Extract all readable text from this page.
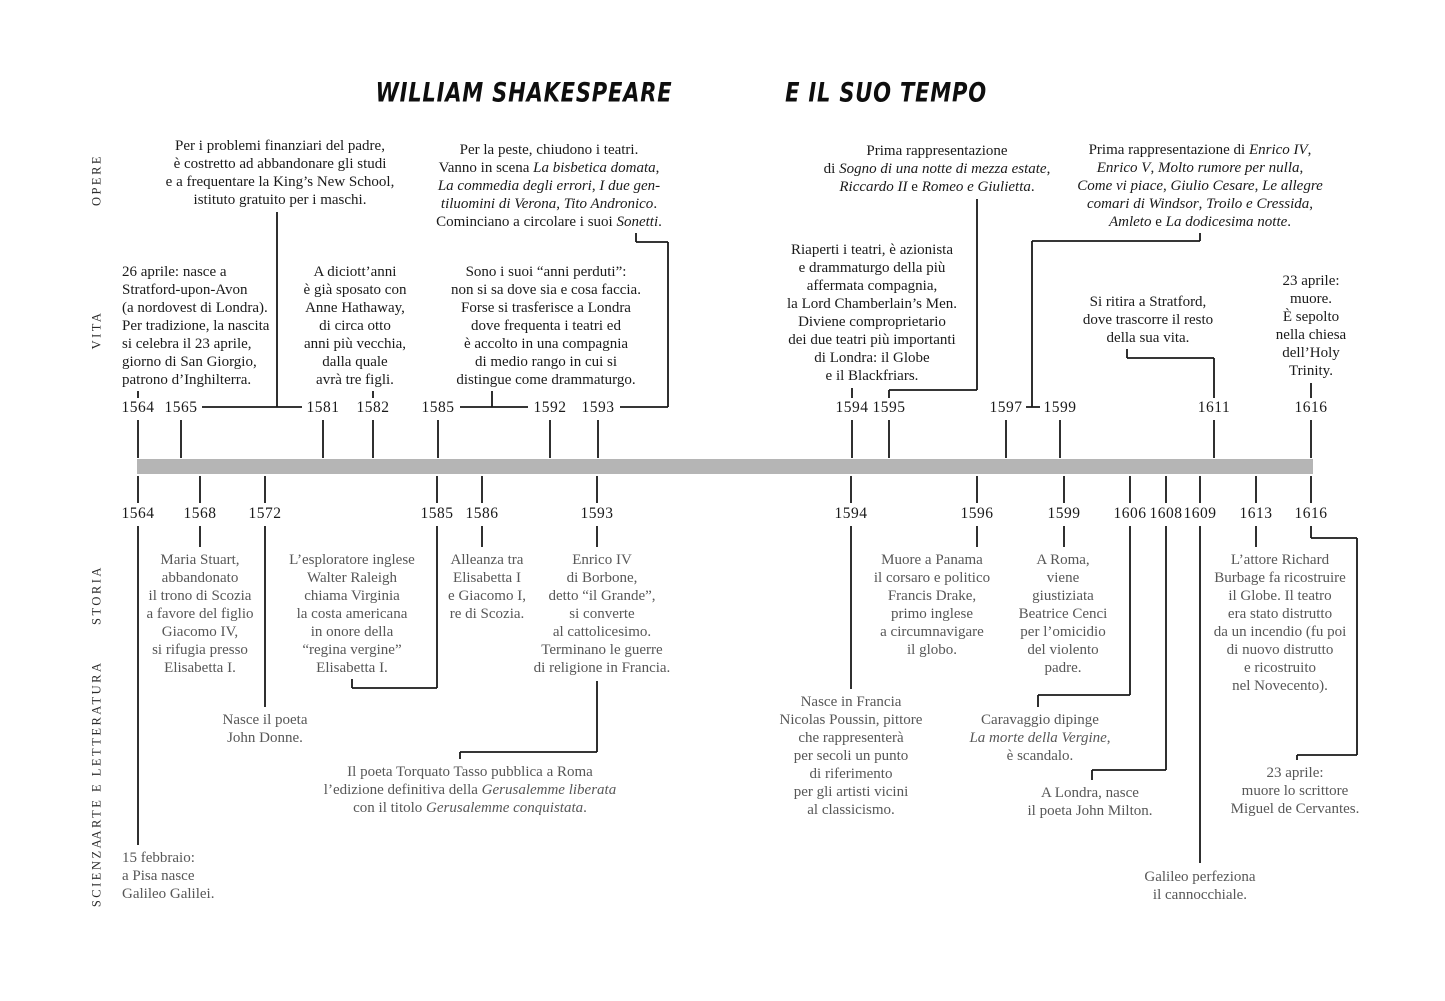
WILLIAM SHAKESPEARE	E IL SUO TEMPO
OPERE
VITA
STORIA
ARTE E LETTERATURA
SCIENZA
1564 1565	1581 1582 1585	1592 1593	1594 1595	1597 1599	1611	1616
1564 1568 1572	1585 1586	1593	1594	1596	1599 1606 1608 1609 1613 1616
Per i problemi finanziari del padre,
è costretto ad abbandonare gli studi
e a frequentare la King’s New School,
istituto gratuito per i maschi.
Per la peste, chiudono i teatri.
Vanno in scena La bisbetica domata,
La commedia degli errori, I due gen-
tiluomini di Verona, Tito Andronico.
Cominciano a circolare i suoi Sonetti.
Prima rappresentazione
di Sogno di una notte di mezza estate,
Riccardo II e Romeo e Giulietta.
Prima rappresentazione di Enrico IV,
Enrico V, Molto rumore per nulla,
Come vi piace, Giulio Cesare, Le allegre
comari di Windsor, Troilo e Cressida,
Amleto e La dodicesima notte.
26 aprile: nasce a
Stratford-upon-Avon
(a nordovest di Londra).
Per tradizione, la nascita
si celebra il 23 aprile,
giorno di San Giorgio,
patrono d’Inghilterra.
A diciott’anni
è già sposato con
Anne Hathaway,
di circa otto
anni più vecchia,
dalla quale
avrà tre figli.
Sono i suoi “anni perduti”:
non si sa dove sia e cosa faccia.
Forse si trasferisce a Londra
dove frequenta i teatri ed
è accolto in una compagnia
di medio rango in cui si
distingue come drammaturgo.
Riaperti i teatri, è azionista
e drammaturgo della più
affermata compagnia,
la Lord Chamberlain’s Men.
Diviene comproprietario
dei due teatri più importanti
di Londra: il Globe
e il Blackfriars.
Si ritira a Stratford,
dove trascorre il resto
della sua vita.
23 aprile:
muore.
È sepolto
nella chiesa
dell’Holy
Trinity.
Maria Stuart,
abbandonato
il trono di Scozia
a favore del figlio
Giacomo IV,
si rifugia presso
Elisabetta I.
L’esploratore inglese
Walter Raleigh
chiama Virginia
la costa americana
in onore della
“regina vergine”
Elisabetta I.
Alleanza tra
Elisabetta I
e Giacomo I,
re di Scozia.
Enrico IV
di Borbone,
detto “il Grande”,
si converte
al cattolicesimo.
Terminano le guerre
di religione in Francia.
Muore a Panama
il corsaro e politico
Francis Drake,
primo inglese
a circumnavigare
il globo.
A Roma,
viene
giustiziata
Beatrice Cenci
per l’omicidio
del violento
padre.
L’attore Richard
Burbage fa ricostruire
il Globe. Il teatro
era stato distrutto
da un incendio (fu poi
di nuovo distrutto
e ricostruito
nel Novecento).
Nasce il poeta
John Donne.
Il poeta Torquato Tasso pubblica a Roma
l’edizione definitiva della Gerusalemme liberata
con il titolo Gerusalemme conquistata.
Nasce in Francia
Nicolas Poussin, pittore
che rappresenterà
per secoli un punto
di riferimento
per gli artisti vicini
al classicismo.
Caravaggio dipinge
La morte della Vergine,
è scandalo.
A Londra, nasce
il poeta John Milton.
23 aprile:
muore lo scrittore
Miguel de Cervantes.
15 febbraio:
a Pisa nasce
Galileo Galilei.
Galileo perfeziona
il cannocchiale.
